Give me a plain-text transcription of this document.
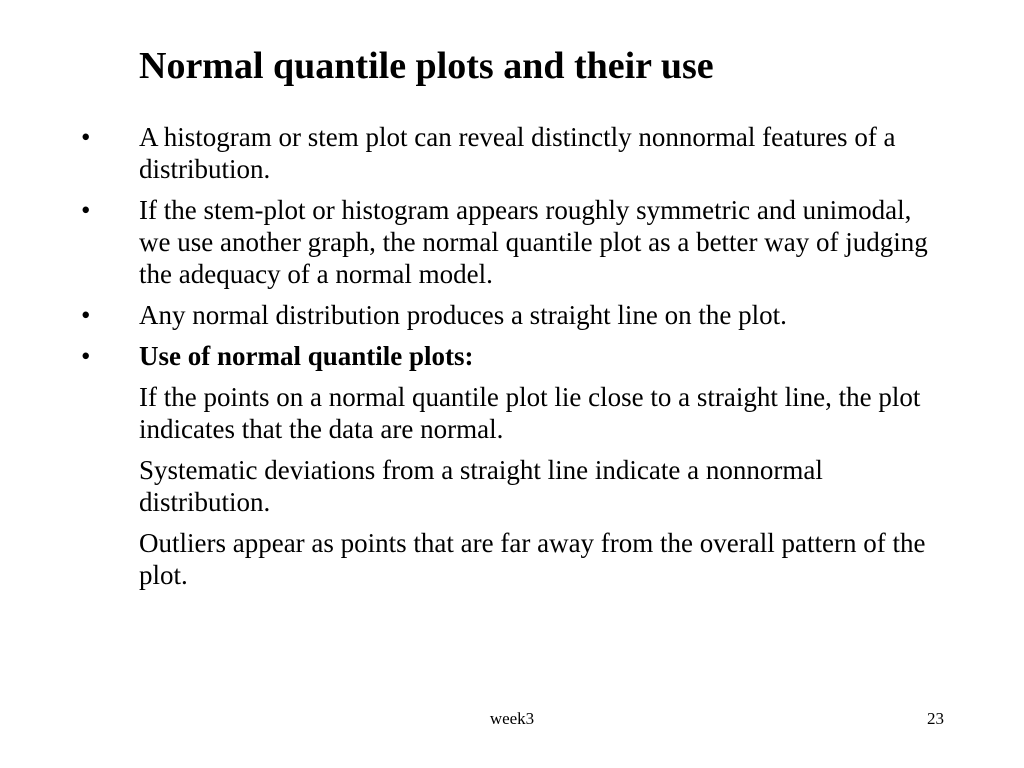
Normal quantile plots and their use
• A histogram or stem plot can reveal distinctly nonnormal features of a distribution.
• If the stem-plot or histogram appears roughly symmetric and unimodal, we use another graph, the normal quantile plot as a better way of judging the adequacy of a normal model.
• Any normal distribution produces a straight line on the plot.
• Use of normal quantile plots:
If the points on a normal quantile plot lie close to a straight line, the plot indicates that the data are normal.
Systematic deviations from a straight line indicate a nonnormal distribution.
Outliers appear as points that are far away from the overall pattern of the plot.
week3	23
